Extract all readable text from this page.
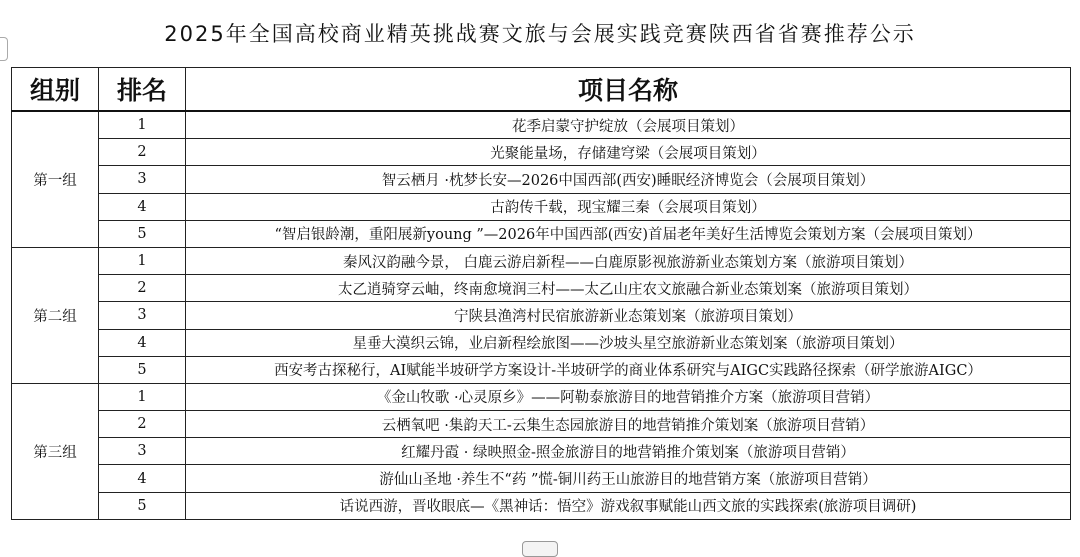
2025年全国高校商业精英挑战赛文旅与会展实践竞赛陕西省省赛推荐公示
组别	排名	项目名称
第一组	1	花季启蒙守护绽放（会展项目策划）
	2	光聚能量场，存储建穹梁（会展项目策划）
	3	智云栖月 ·枕梦长安—2026中国西部(西安)睡眠经济博览会（会展项目策划）
	4	古韵传千载，现宝耀三秦（会展项目策划）
	5	“智启银龄潮，重阳展新young ”—2026年中国西部(西安)首届老年美好生活博览会策划方案（会展项目策划）
第二组	1	秦风汉韵融今景， 白鹿云游启新程——白鹿原影视旅游新业态策划方案（旅游项目策划）
	2	太乙逍骑穿云岫，终南愈境润三村——太乙山庄农文旅融合新业态策划案（旅游项目策划）
	3	宁陕县渔湾村民宿旅游新业态策划案（旅游项目策划）
	4	星垂大漠织云锦，业启新程绘旅图——沙坡头星空旅游新业态策划案（旅游项目策划）
	5	西安考古探秘行，AI赋能半坡研学方案设计-半坡研学的商业体系研究与AIGC实践路径探索（研学旅游AIGC）
第三组	1	《金山牧歌 ·心灵原乡》——阿勒泰旅游目的地营销推介方案（旅游项目营销）
	2	云栖氧吧 ·集韵天工-云集生态园旅游目的地营销推介策划案（旅游项目营销）
	3	红耀丹霞 · 绿映照金-照金旅游目的地营销推介策划案（旅游项目营销）
	4	游仙山圣地 ·养生不“药 ”慌-铜川药王山旅游目的地营销方案（旅游项目营销）
	5	话说西游，晋收眼底—《黑神话：悟空》游戏叙事赋能山西文旅的实践探索(旅游项目调研)
